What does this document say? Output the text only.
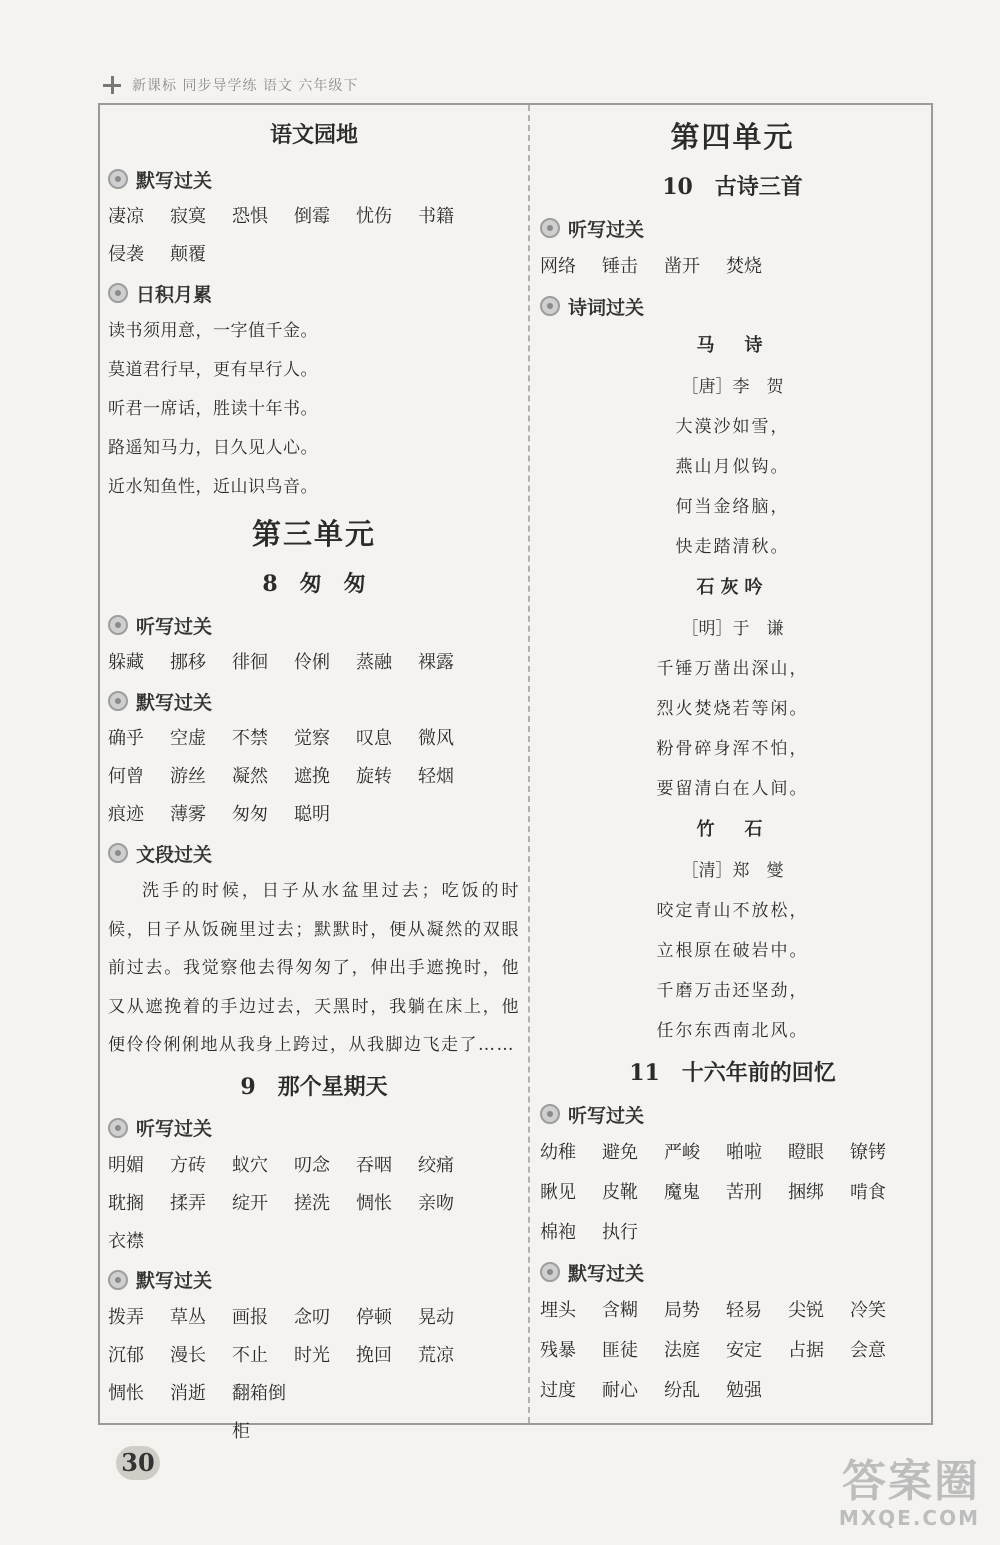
新课标 同步导学练 语文 六年级下
语文园地
默写过关
凄凉	寂寞	恐惧	倒霉	忧伤	书籍
侵袭	颠覆
日积月累
读书须用意，一字值千金。
莫道君行早，更有早行人。
听君一席话，胜读十年书。
路遥知马力，日久见人心。
近水知鱼性，近山识鸟音。
第三单元
8　匆　匆
听写过关
躲藏	挪移	徘徊	伶俐	蒸融	裸露
默写过关
确乎	空虚	不禁	觉察	叹息	微风
何曾	游丝	凝然	遮挽	旋转	轻烟
痕迹	薄雾	匆匆	聪明
文段过关
洗手的时候，日子从水盆里过去；吃饭的时候，日子从饭碗里过去；默默时，便从凝然的双眼前过去。我觉察他去得匆匆了，伸出手遮挽时，他又从遮挽着的手边过去，天黑时，我躺在床上，他便伶伶俐俐地从我身上跨过，从我脚边飞走了……
9　那个星期天
听写过关
明媚	方砖	蚁穴	叨念	吞咽	绞痛
耽搁	揉弄	绽开	搓洗	惆怅	亲吻
衣襟
默写过关
拨弄	草丛	画报	念叨	停顿	晃动
沉郁	漫长	不止	时光	挽回	荒凉
惆怅	消逝	翻箱倒柜
第四单元
10　古诗三首
听写过关
网络	锤击	凿开	焚烧
诗词过关
马　诗
［唐］李　贺
大漠沙如雪，
燕山月似钩。
何当金络脑，
快走踏清秋。
石灰吟
［明］于　谦
千锤万凿出深山，
烈火焚烧若等闲。
粉骨碎身浑不怕，
要留清白在人间。
竹　石
［清］郑　燮
咬定青山不放松，
立根原在破岩中。
千磨万击还坚劲，
任尔东西南北风。
11　十六年前的回忆
听写过关
幼稚	避免	严峻	啪啦	瞪眼	镣铐
瞅见	皮靴	魔鬼	苦刑	捆绑	啃食
棉袍	执行
默写过关
埋头	含糊	局势	轻易	尖锐	冷笑
残暴	匪徒	法庭	安定	占据	会意
过度	耐心	纷乱	勉强
30	答案圈
MXQE.COM
